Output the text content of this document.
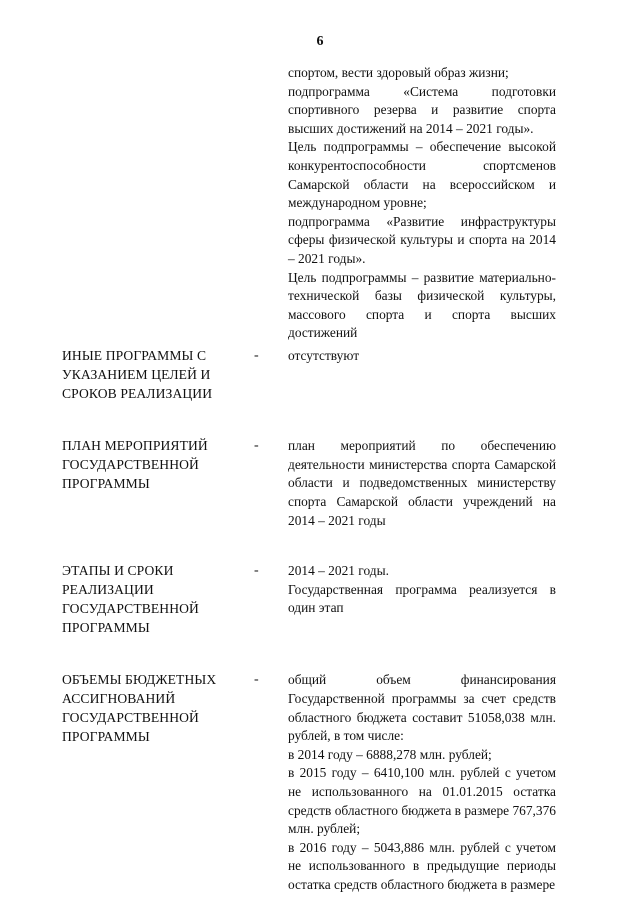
6

спортом, вести здоровый образ жизни;

подпрограмма «Система подготовки спортивного резерва и развитие спорта высших достижений на 2014 – 2021 годы».

Цель подпрограммы – обеспечение высокой конкурентоспособности спортсменов Самарской области на всероссийском и международном уровне;

подпрограмма «Развитие инфраструктуры сферы физической культуры и спорта на 2014 – 2021 годы».

Цель подпрограммы – развитие материально-технической базы физической культуры, массового спорта и спорта высших достижений

ИНЫЕ ПРОГРАММЫ С УКАЗАНИЕМ ЦЕЛЕЙ И СРОКОВ РЕАЛИЗАЦИИ
-	отсутствуют

ПЛАН МЕРОПРИЯТИЙ ГОСУДАРСТВЕННОЙ ПРОГРАММЫ
-	план мероприятий по обеспечению деятельности министерства спорта Самарской области и подведомственных министерству спорта Самарской области учреждений на 2014 – 2021 годы

ЭТАПЫ И СРОКИ РЕАЛИЗАЦИИ ГОСУДАРСТВЕННОЙ ПРОГРАММЫ
-	2014 – 2021 годы.

Государственная программа реализуется в один этап

ОБЪЕМЫ БЮДЖЕТНЫХ АССИГНОВАНИЙ ГОСУДАРСТВЕННОЙ ПРОГРАММЫ
-	общий объем финансирования Государственной программы за счет средств областного бюджета составит 51058,038 млн. рублей, в том числе:

в 2014 году – 6888,278 млн. рублей;

в 2015 году – 6410,100 млн. рублей с учетом не использованного на 01.01.2015 остатка средств областного бюджета в размере 767,376 млн. рублей;

в 2016 году – 5043,886 млн. рублей с учетом не использованного в предыдущие периоды остатка средств областного бюджета в размере
